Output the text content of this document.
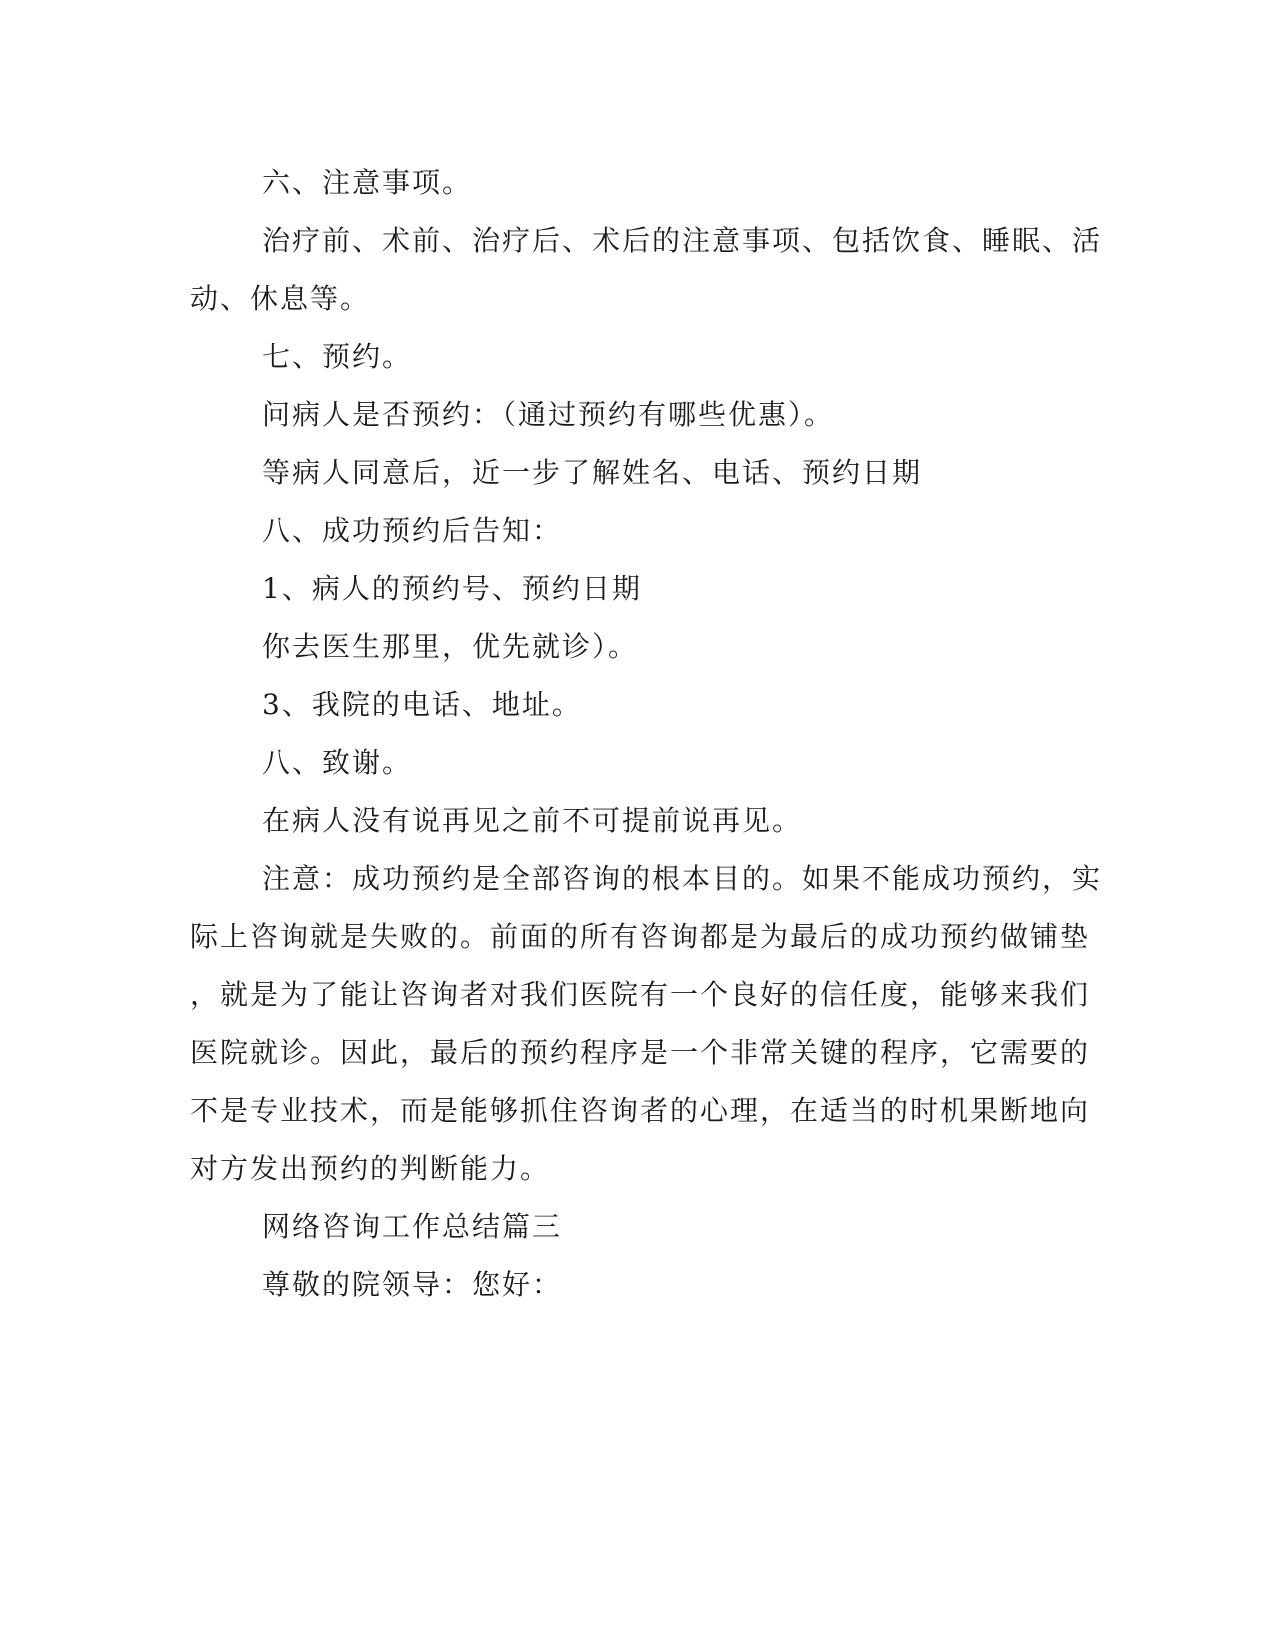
六、注意事项。

治疗前、术前、治疗后、术后的注意事项、包括饮食、睡眠、活

动、休息等。

七、预约。

问病人是否预约：（通过预约有哪些优惠）。

等病人同意后，近一步了解姓名、电话、预约日期

八、成功预约后告知：

1、病人的预约号、预约日期

你去医生那里，优先就诊）。

3、我院的电话、地址。

八、致谢。

在病人没有说再见之前不可提前说再见。

注意：成功预约是全部咨询的根本目的。如果不能成功预约，实

际上咨询就是失败的。前面的所有咨询都是为最后的成功预约做铺垫

，就是为了能让咨询者对我们医院有一个良好的信任度，能够来我们

医院就诊。因此，最后的预约程序是一个非常关键的程序，它需要的

不是专业技术，而是能够抓住咨询者的心理，在适当的时机果断地向

对方发出预约的判断能力。

网络咨询工作总结篇三

尊敬的院领导：您好：
